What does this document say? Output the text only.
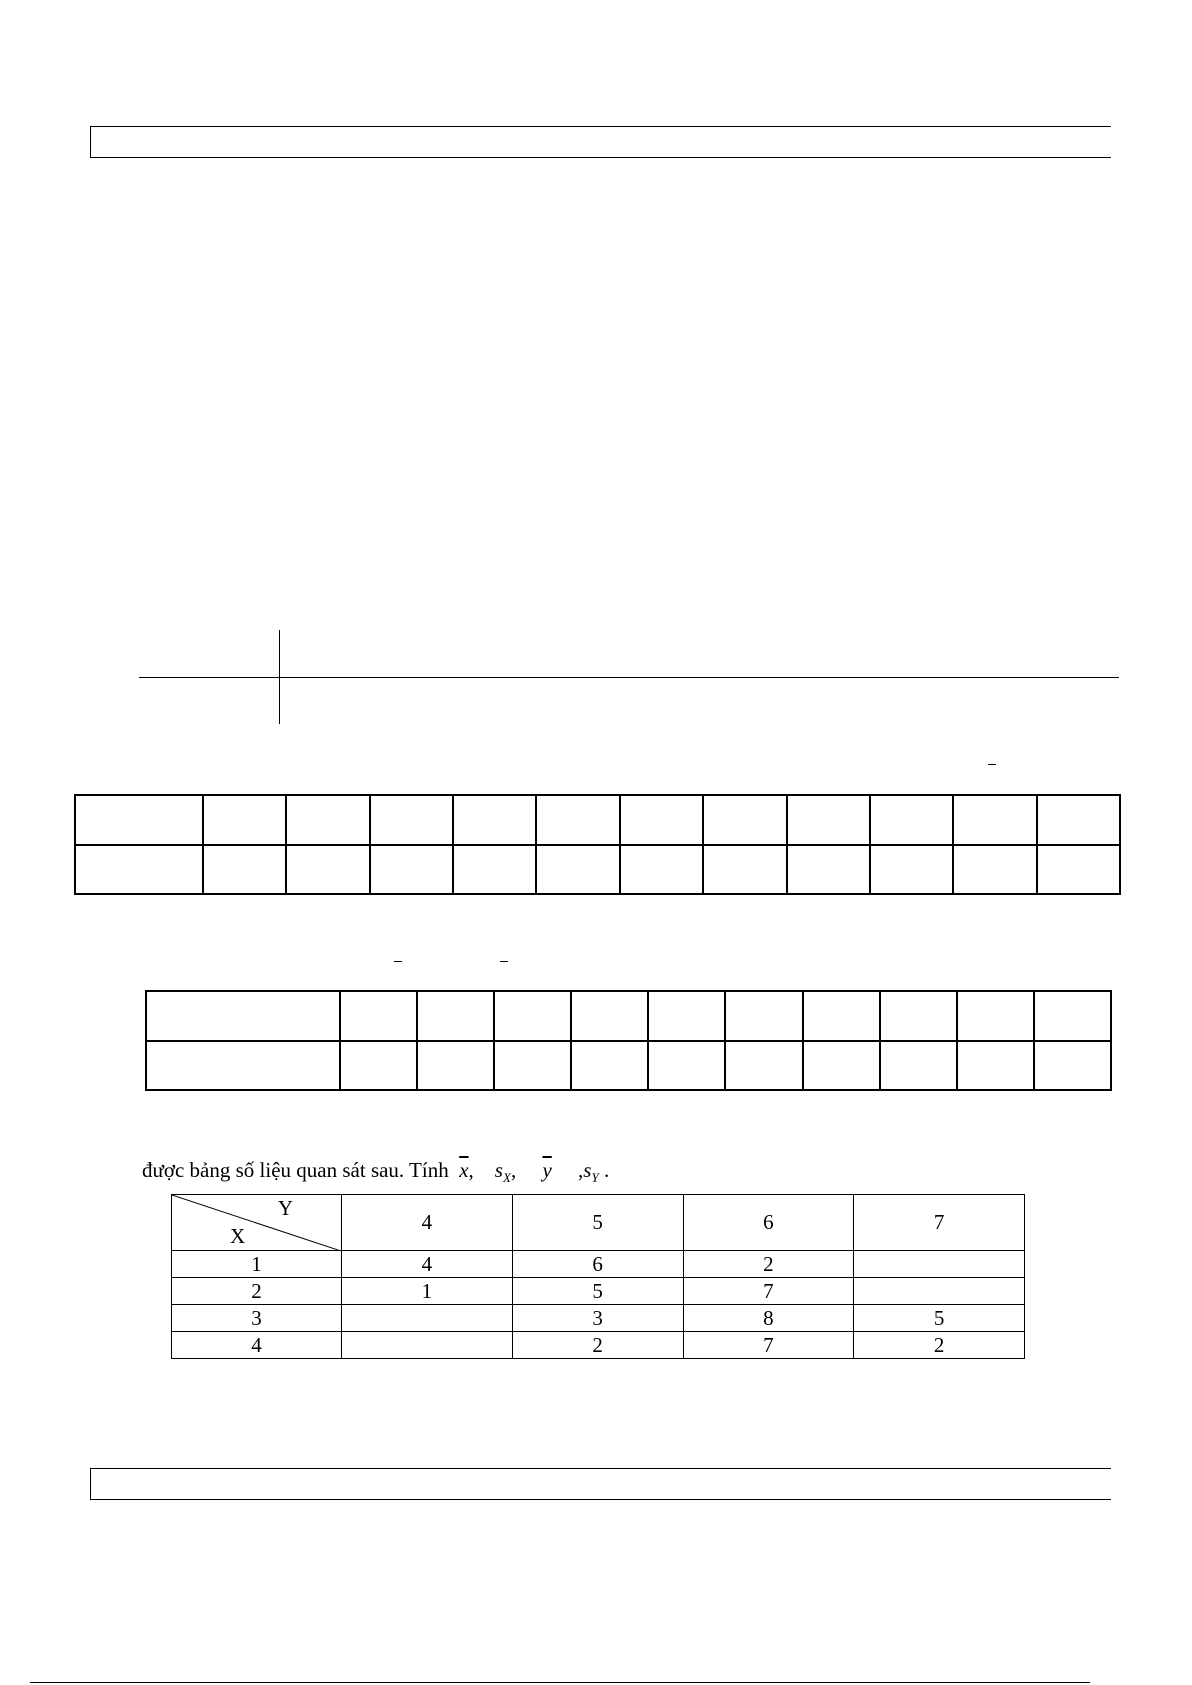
được bảng số liệu quan sát sau. Tính $\overline{x}$, $s_X$, $\overline{y}$ $,s_Y$ .
Y
X	4	5	6	7
1	4	6	2	
2	1	5	7	
3		3	8	5
4		2	7	2
